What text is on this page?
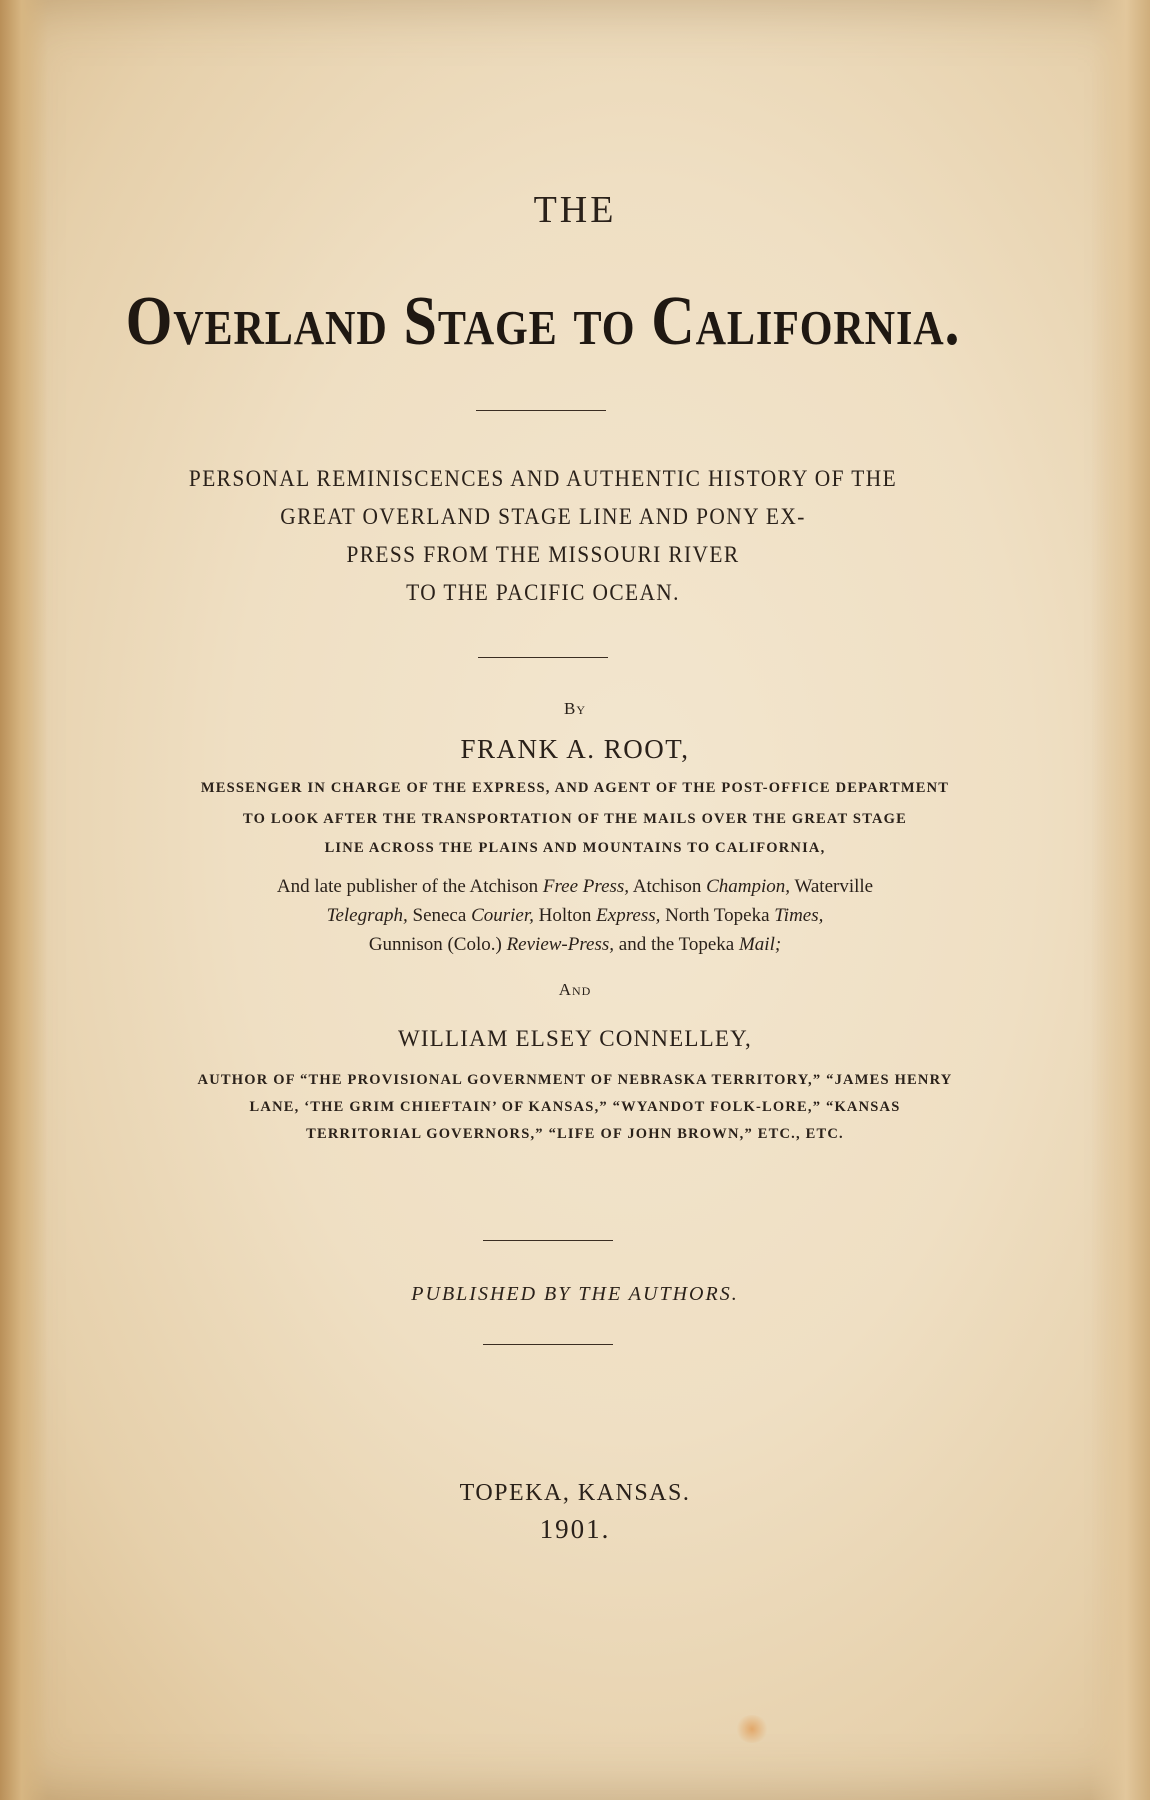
THE
Overland Stage to California.
PERSONAL REMINISCENCES AND AUTHENTIC HISTORY OF THE
GREAT OVERLAND STAGE LINE AND PONY EX-
PRESS FROM THE MISSOURI RIVER
TO THE PACIFIC OCEAN.
By
FRANK A. ROOT,
MESSENGER IN CHARGE OF THE EXPRESS, AND AGENT OF THE POST-OFFICE DEPARTMENT
TO LOOK AFTER THE TRANSPORTATION OF THE MAILS OVER THE GREAT STAGE
LINE ACROSS THE PLAINS AND MOUNTAINS TO CALIFORNIA,
And late publisher of the Atchison Free Press, Atchison Champion, Waterville
Telegraph, Seneca Courier, Holton Express, North Topeka Times,
Gunnison (Colo.) Review-Press, and the Topeka Mail;
And
WILLIAM ELSEY CONNELLEY,
AUTHOR OF “THE PROVISIONAL GOVERNMENT OF NEBRASKA TERRITORY,” “JAMES HENRY
LANE, ‘THE GRIM CHIEFTAIN’ OF KANSAS,” “WYANDOT FOLK-LORE,” “KANSAS
TERRITORIAL GOVERNORS,” “LIFE OF JOHN BROWN,” ETC., ETC.
PUBLISHED BY THE AUTHORS.
TOPEKA, KANSAS.
1901.
